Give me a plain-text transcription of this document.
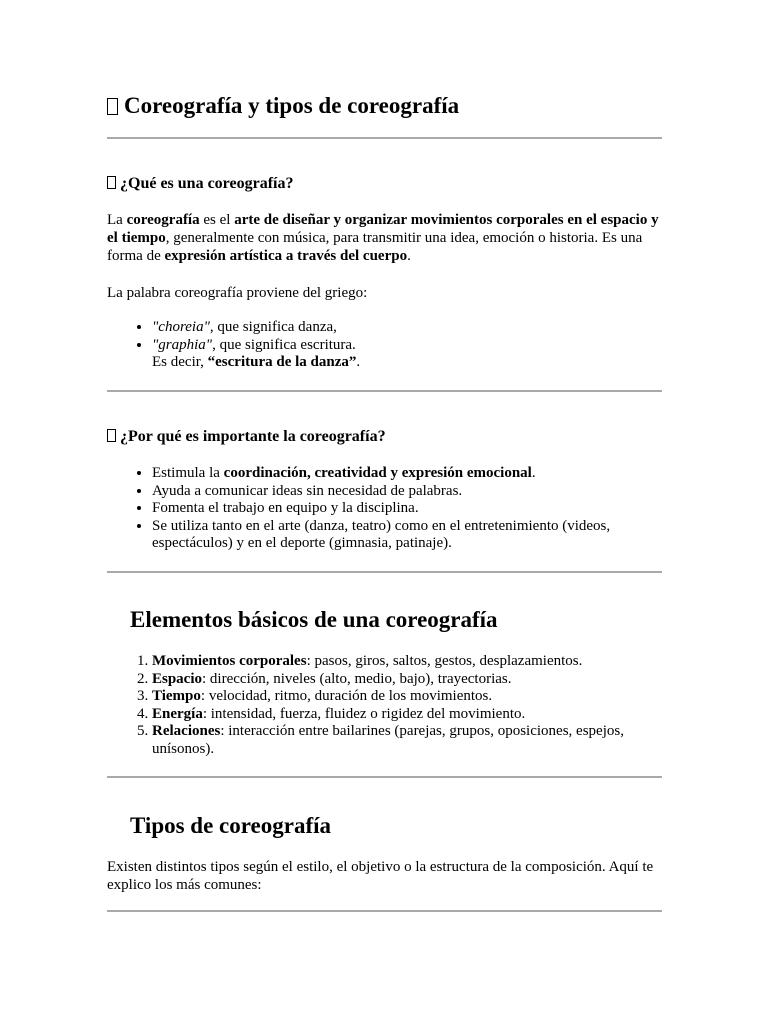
Coreografía y tipos de coreografía
¿Qué es una coreografía?
La coreografía es el arte de diseñar y organizar movimientos corporales en el espacio y el tiempo, generalmente con música, para transmitir una idea, emoción o historia. Es una forma de expresión artística a través del cuerpo.
La palabra coreografía proviene del griego:
• "choreia", que significa danza,
• "graphia", que significa escritura.
Es decir, “escritura de la danza”.
¿Por qué es importante la coreografía?
• Estimula la coordinación, creatividad y expresión emocional.
• Ayuda a comunicar ideas sin necesidad de palabras.
• Fomenta el trabajo en equipo y la disciplina.
• Se utiliza tanto en el arte (danza, teatro) como en el entretenimiento (videos, espectáculos) y en el deporte (gimnasia, patinaje).
Elementos básicos de una coreografía
1. Movimientos corporales: pasos, giros, saltos, gestos, desplazamientos.
2. Espacio: dirección, niveles (alto, medio, bajo), trayectorias.
3. Tiempo: velocidad, ritmo, duración de los movimientos.
4. Energía: intensidad, fuerza, fluidez o rigidez del movimiento.
5. Relaciones: interacción entre bailarines (parejas, grupos, oposiciones, espejos, unísonos).
Tipos de coreografía
Existen distintos tipos según el estilo, el objetivo o la estructura de la composición. Aquí te explico los más comunes:
